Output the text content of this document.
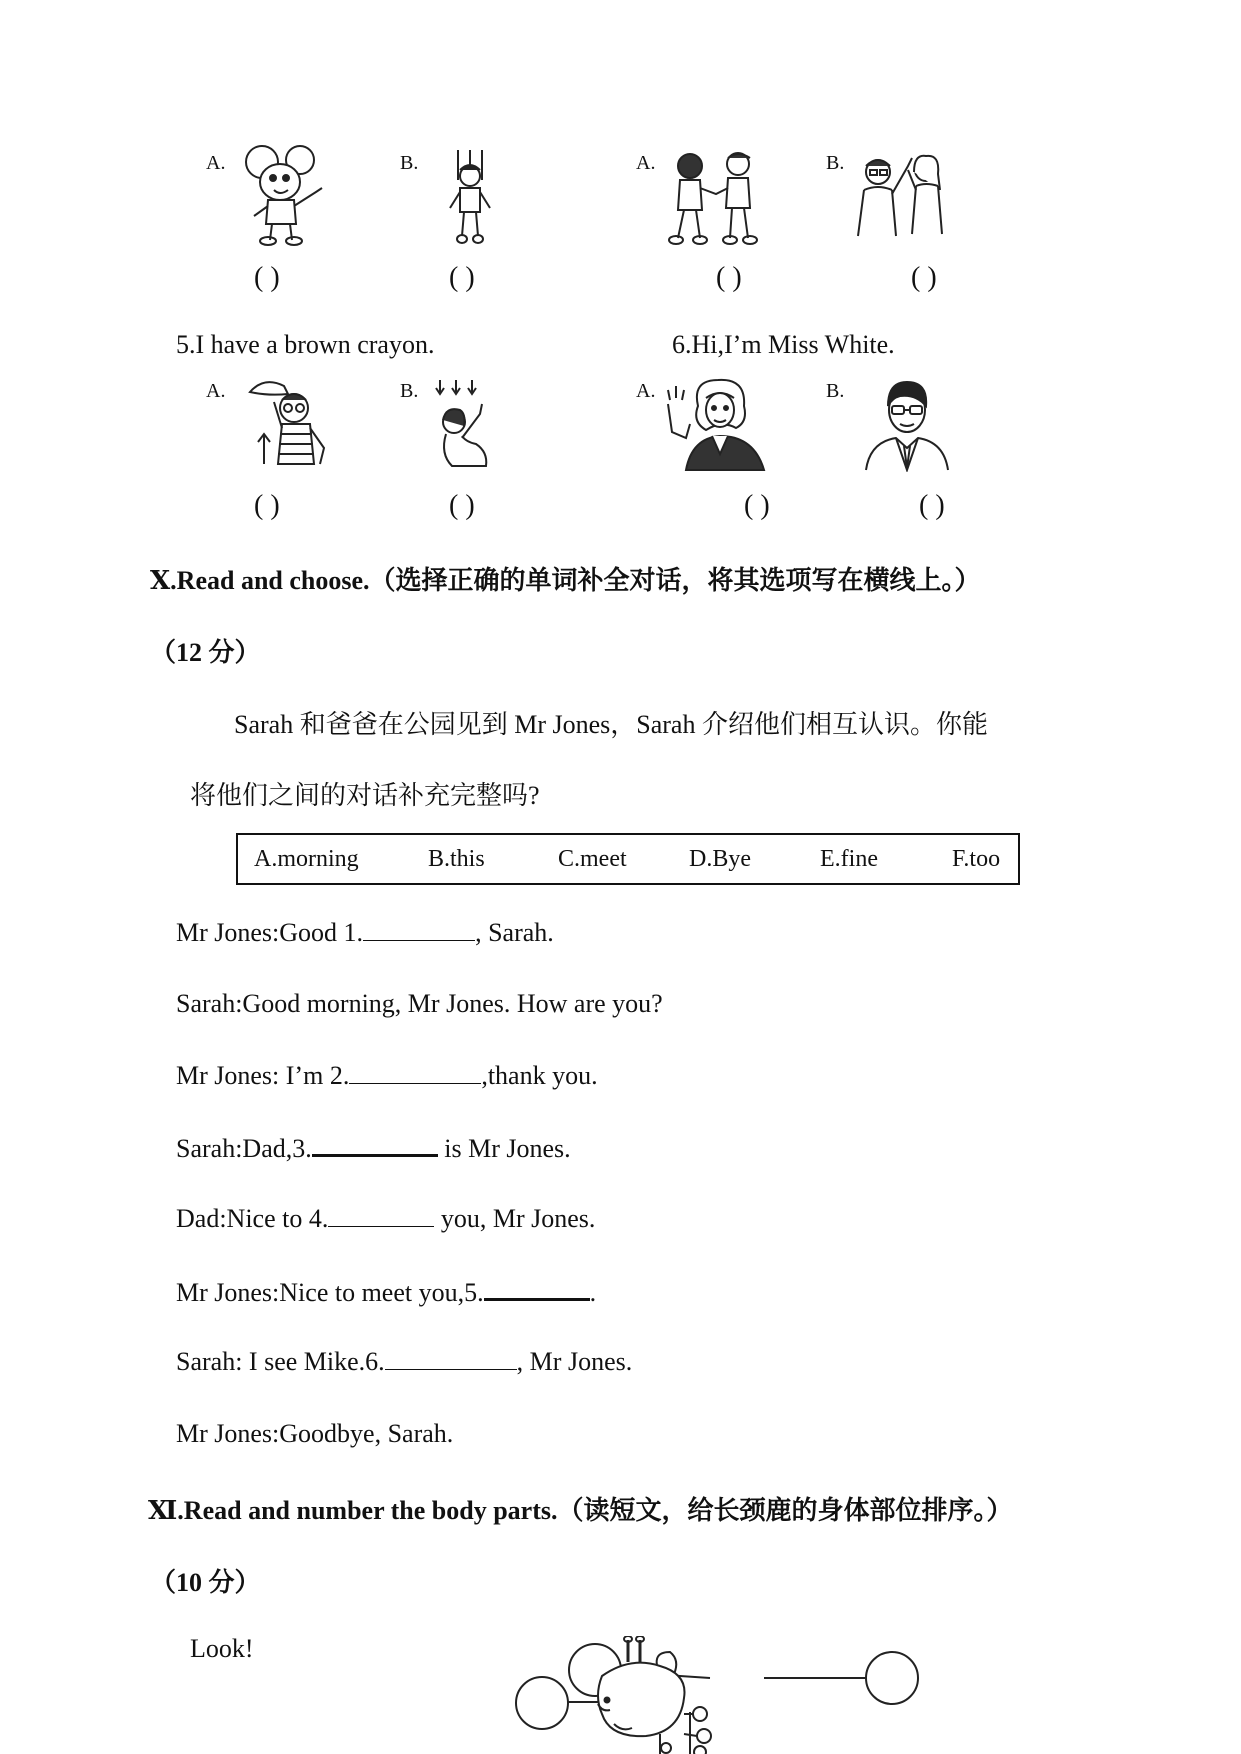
A.	B.	A.	B.
( )	( )	( )	( )
5.I have a brown crayon.	6.Hi,I’m Miss White.
A.	B.	A.	B.
( )	( )	( )	( )
Ⅹ.Read and choose.（选择正确的单词补全对话，将其选项写在横线上。）
（12 分）
Sarah 和爸爸在公园见到 Mr Jones，Sarah 介绍他们相互认识。你能
将他们之间的对话补充完整吗?
A.morning	B.this	C.meet	D.Bye	E.fine	F.too
Mr Jones:Good 1.	, Sarah.
Sarah:Good morning, Mr Jones. How are you?
Mr Jones: I’m 2.	,thank you.
Sarah:Dad,3.	is Mr Jones.
Dad:Nice to 4.	you, Mr Jones.
Mr Jones:Nice to meet you,5.	.
Sarah: I see Mike.6.	, Mr Jones.
Mr Jones:Goodbye, Sarah.
Ⅺ.Read and number the body parts.（读短文，给长颈鹿的身体部位排序。）
（10 分）
Look!
